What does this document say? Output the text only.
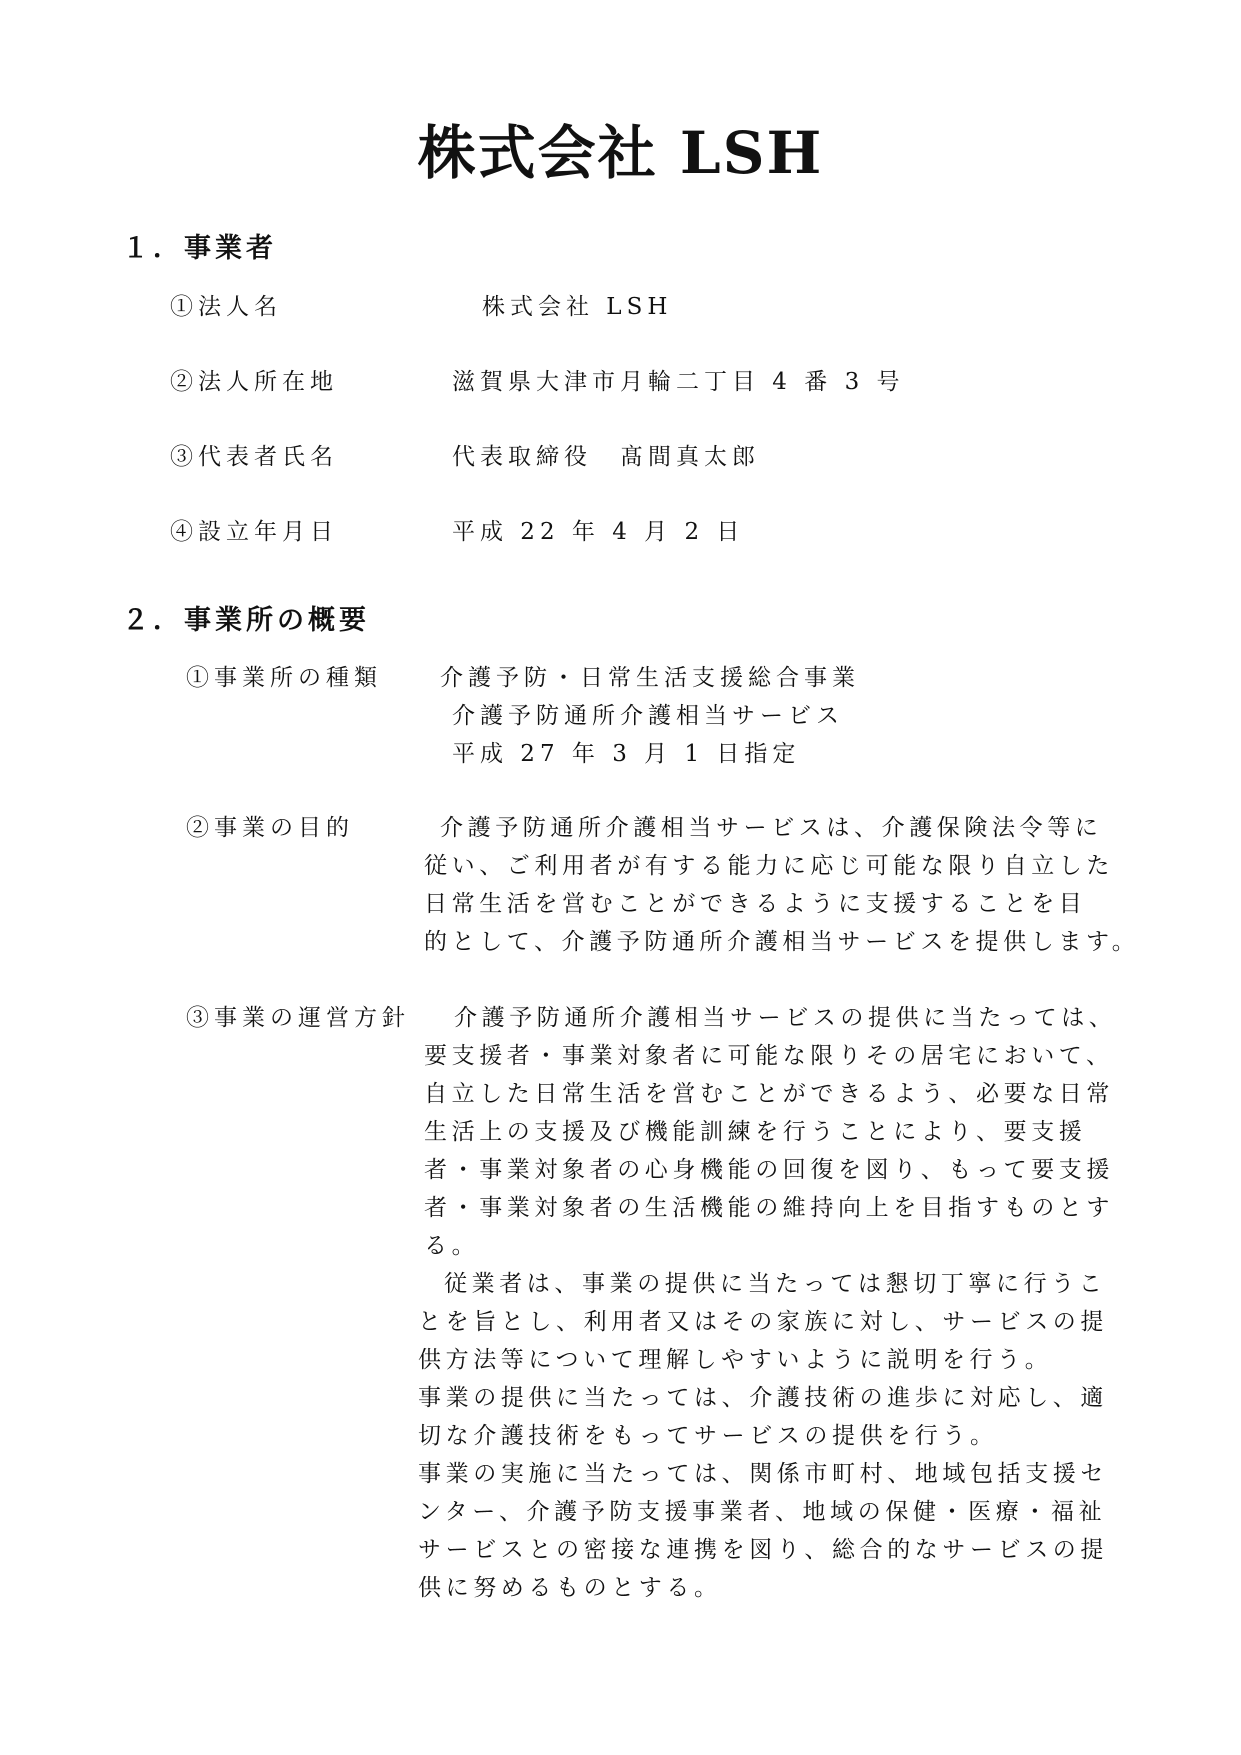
株式会社 LSH
１．事業者

①法人名	株式会社 LSH

②法人所在地	滋賀県大津市月輪二丁目 4 番 3 号

③代表者氏名	代表取締役　髙間真太郎

④設立年月日	平成 22 年 4 月 2 日

２．事業所の概要

①事業所の種類	介護予防・日常生活支援総合事業

介護予防通所介護相当サービス

平成 27 年 3 月 1 日指定

②事業の目的	介護予防通所介護相当サービスは、介護保険法令等に
従い、ご利用者が有する能力に応じ可能な限り自立した
日常生活を営むことができるように支援することを目
的として、介護予防通所介護相当サービスを提供します。

③事業の運営方針	介護予防通所介護相当サービスの提供に当たっては、
要支援者・事業対象者に可能な限りその居宅において、
自立した日常生活を営むことができるよう、必要な日常
生活上の支援及び機能訓練を行うことにより、要支援
者・事業対象者の心身機能の回復を図り、もって要支援
者・事業対象者の生活機能の維持向上を目指すものとす
る。
従業者は、事業の提供に当たっては懇切丁寧に行うこ
とを旨とし、利用者又はその家族に対し、サービスの提
供方法等について理解しやすいように説明を行う。
事業の提供に当たっては、介護技術の進歩に対応し、適
切な介護技術をもってサービスの提供を行う。
事業の実施に当たっては、関係市町村、地域包括支援セ
ンター、介護予防支援事業者、地域の保健・医療・福祉
サービスとの密接な連携を図り、総合的なサービスの提
供に努めるものとする。
